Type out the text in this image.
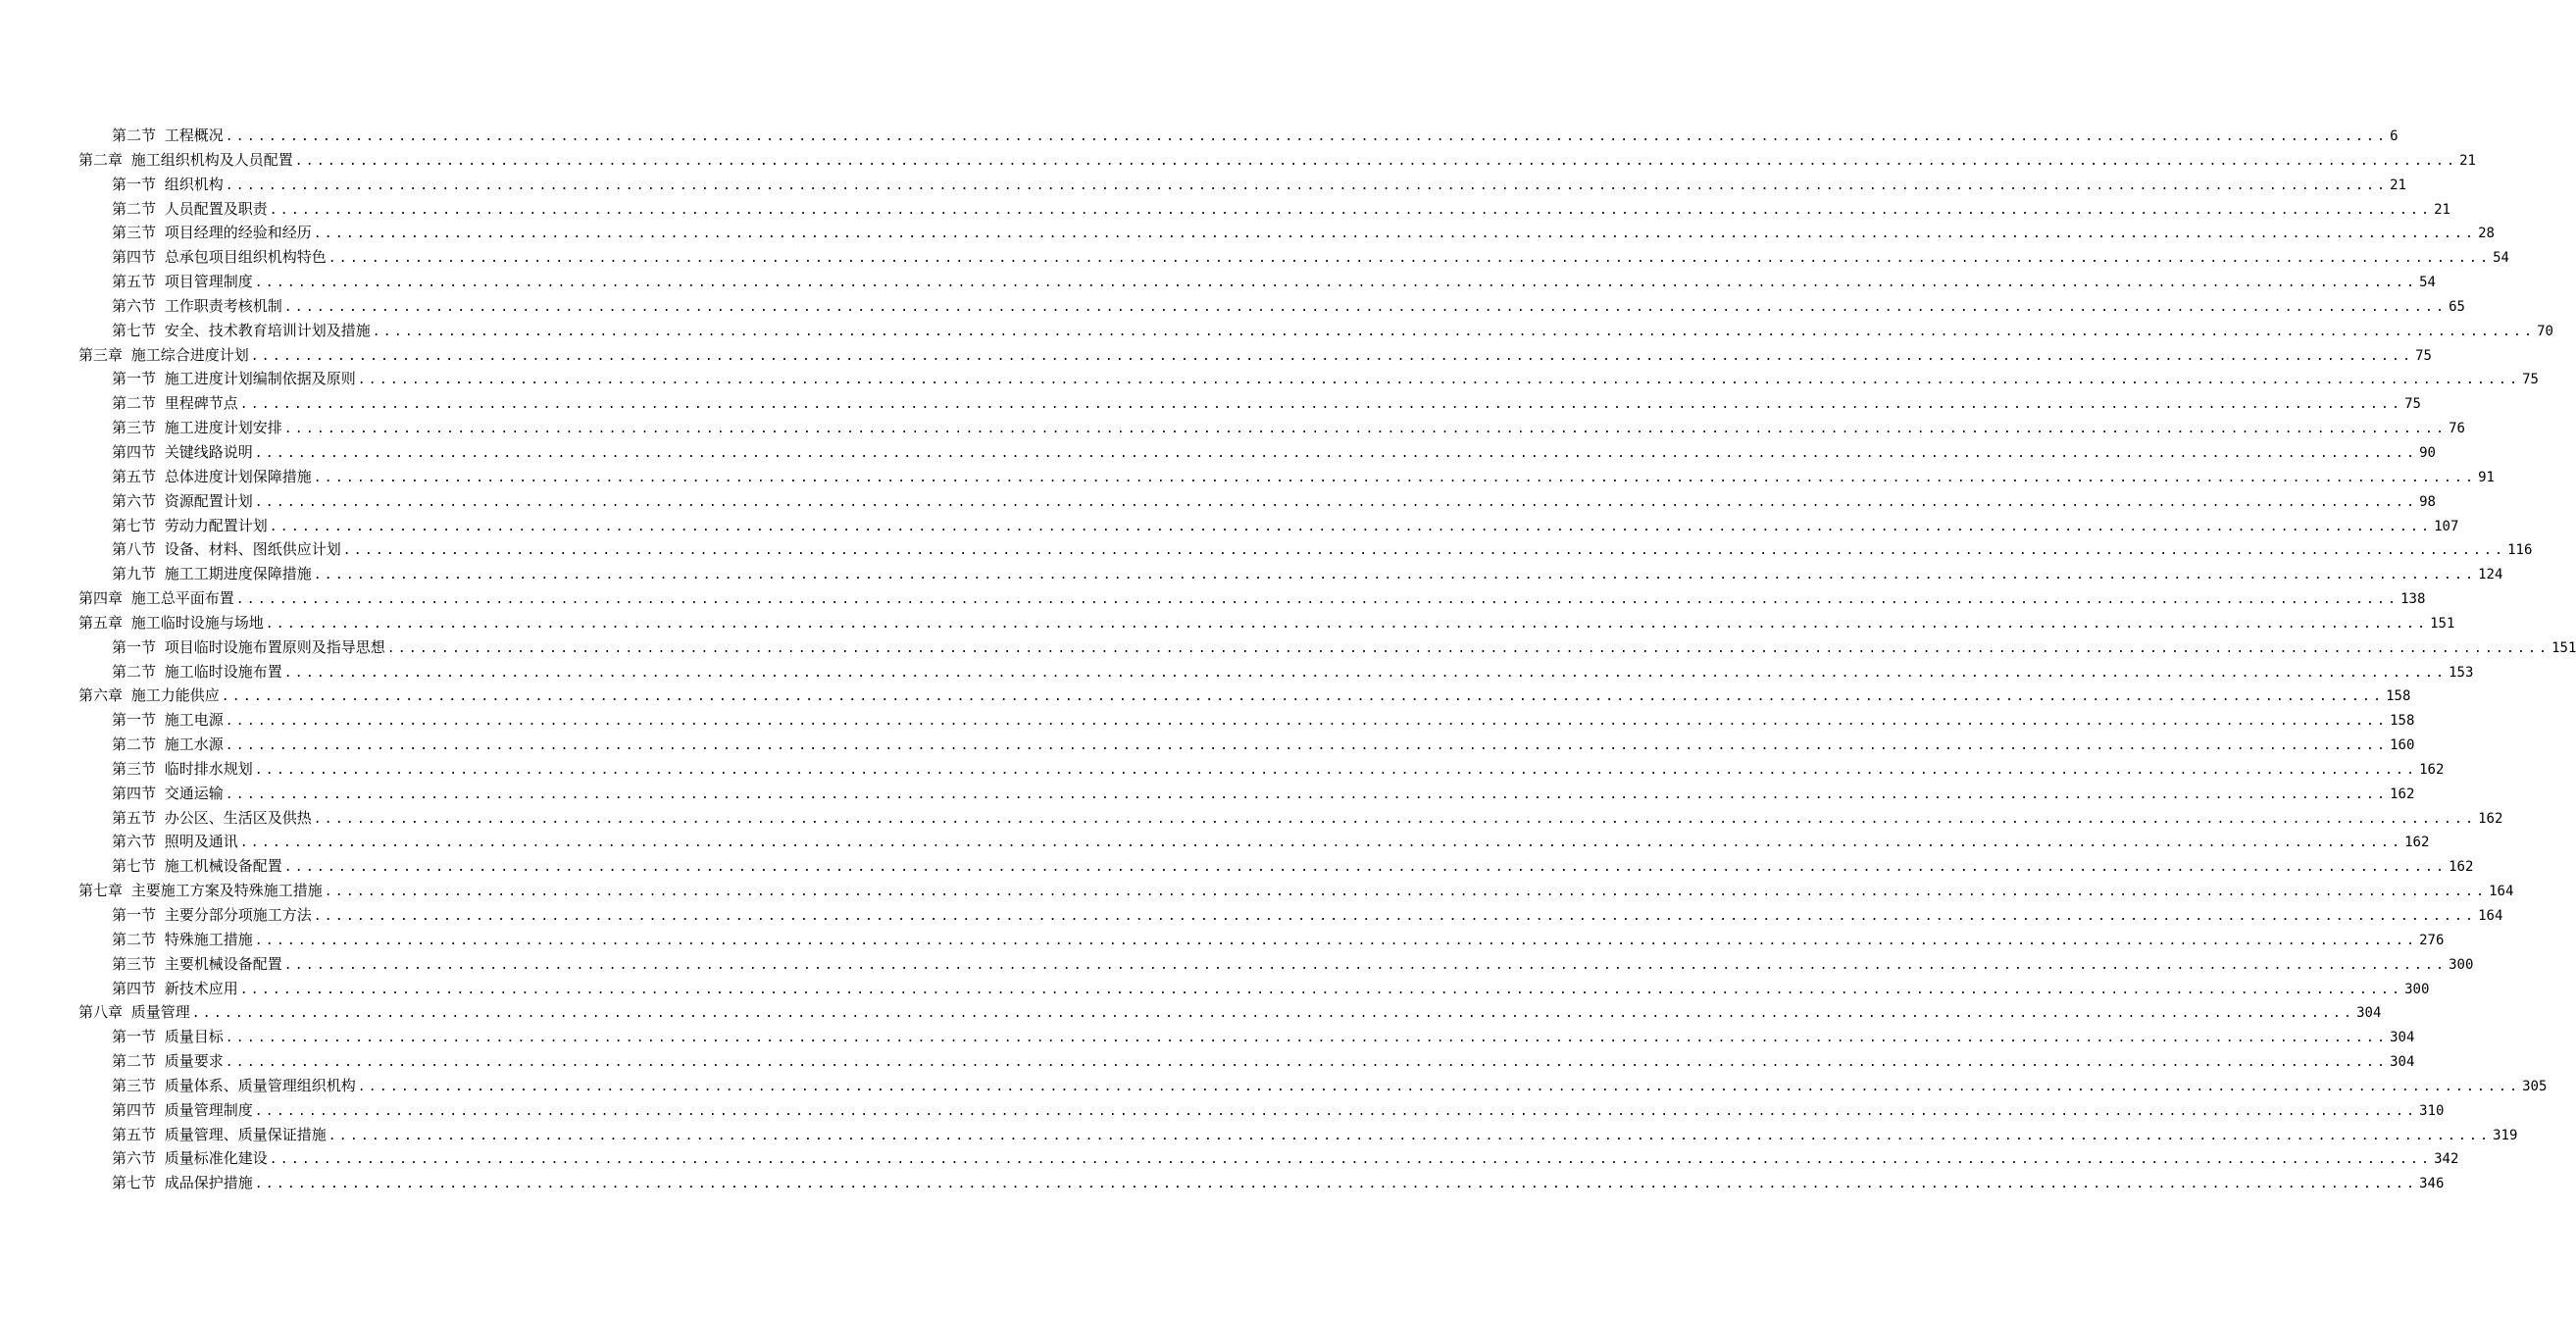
第二节 工程概况 ........................................................................................................................................................................................................ 6
第二章 施工组织机构及人员配置 ........................................................................................................................................................................................................ 21
第一节 组织机构 ........................................................................................................................................................................................................ 21
第二节 人员配置及职责 ........................................................................................................................................................................................................ 21
第三节 项目经理的经验和经历 ........................................................................................................................................................................................................ 28
第四节 总承包项目组织机构特色 ........................................................................................................................................................................................................ 54
第五节 项目管理制度 ........................................................................................................................................................................................................ 54
第六节 工作职责考核机制 ........................................................................................................................................................................................................ 65
第七节 安全、技术教育培训计划及措施 ........................................................................................................................................................................................................ 70
第三章 施工综合进度计划 ........................................................................................................................................................................................................ 75
第一节 施工进度计划编制依据及原则 ........................................................................................................................................................................................................ 75
第二节 里程碑节点 ........................................................................................................................................................................................................ 75
第三节 施工进度计划安排 ........................................................................................................................................................................................................ 76
第四节 关键线路说明 ........................................................................................................................................................................................................ 90
第五节 总体进度计划保障措施 ........................................................................................................................................................................................................ 91
第六节 资源配置计划 ........................................................................................................................................................................................................ 98
第七节 劳动力配置计划 ........................................................................................................................................................................................................ 107
第八节 设备、材料、图纸供应计划 ........................................................................................................................................................................................................ 116
第九节 施工工期进度保障措施 ........................................................................................................................................................................................................ 124
第四章 施工总平面布置 ........................................................................................................................................................................................................ 138
第五章 施工临时设施与场地 ........................................................................................................................................................................................................ 151
第一节 项目临时设施布置原则及指导思想 ........................................................................................................................................................................................................ 151
第二节 施工临时设施布置 ........................................................................................................................................................................................................ 153
第六章 施工力能供应 ........................................................................................................................................................................................................ 158
第一节 施工电源 ........................................................................................................................................................................................................ 158
第二节 施工水源 ........................................................................................................................................................................................................ 160
第三节 临时排水规划 ........................................................................................................................................................................................................ 162
第四节 交通运输 ........................................................................................................................................................................................................ 162
第五节 办公区、生活区及供热 ........................................................................................................................................................................................................ 162
第六节 照明及通讯 ........................................................................................................................................................................................................ 162
第七节 施工机械设备配置 ........................................................................................................................................................................................................ 162
第七章 主要施工方案及特殊施工措施 ........................................................................................................................................................................................................ 164
第一节 主要分部分项施工方法 ........................................................................................................................................................................................................ 164
第二节 特殊施工措施 ........................................................................................................................................................................................................ 276
第三节 主要机械设备配置 ........................................................................................................................................................................................................ 300
第四节 新技术应用 ........................................................................................................................................................................................................ 300
第八章 质量管理 ........................................................................................................................................................................................................ 304
第一节 质量目标 ........................................................................................................................................................................................................ 304
第二节 质量要求 ........................................................................................................................................................................................................ 304
第三节 质量体系、质量管理组织机构 ........................................................................................................................................................................................................ 305
第四节 质量管理制度 ........................................................................................................................................................................................................ 310
第五节 质量管理、质量保证措施 ........................................................................................................................................................................................................ 319
第六节 质量标准化建设 ........................................................................................................................................................................................................ 342
第七节 成品保护措施 ........................................................................................................................................................................................................ 346
